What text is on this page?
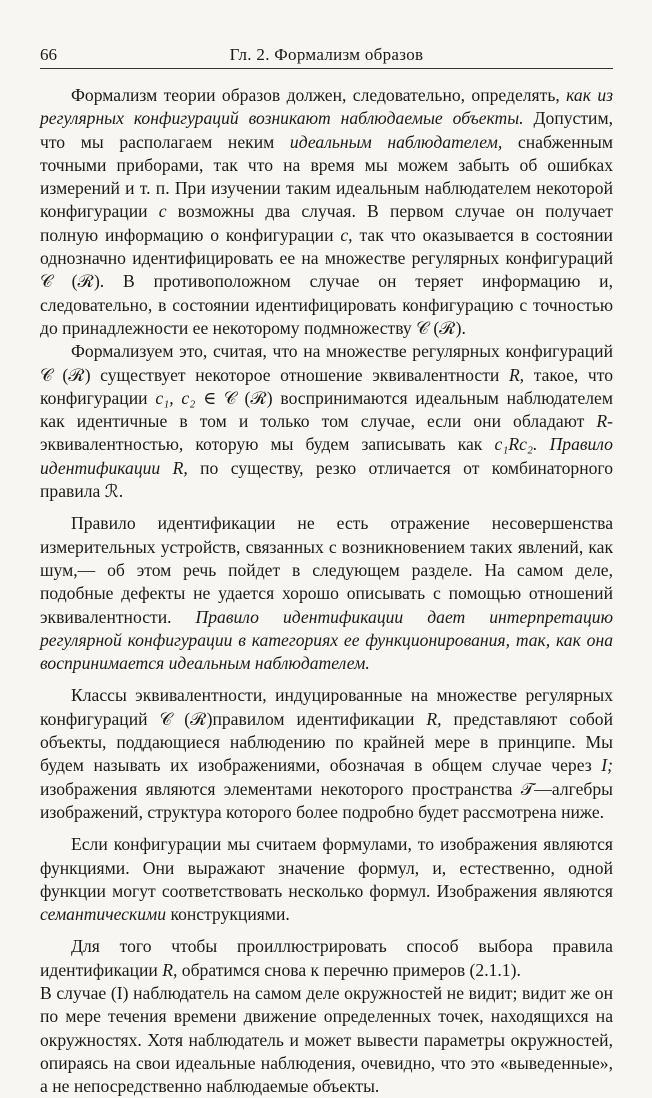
66	Гл. 2. Формализм образов

Формализм теории образов должен, следовательно, определять, как из регулярных конфигураций возникают наблюдаемые объекты. Допустим, что мы располагаем неким идеальным наблюдателем, снабженным точными приборами, так что на время мы можем забыть об ошибках измерений и т. п. При изучении таким идеальным наблюдателем некоторой конфигурации c возможны два случая. В первом случае он получает полную информацию о конфигурации c, так что оказывается в состоянии однозначно идентифицировать ее на множестве регулярных конфигураций 𝒞 (ℛ). В противоположном случае он теряет информацию и, следовательно, в состоянии идентифицировать конфигурацию с точностью до принадлежности ее некоторому подмножеству 𝒞 (ℛ).

Формализуем это, считая, что на множестве регулярных конфигураций 𝒞 (ℛ) существует некоторое отношение эквивалентности R, такое, что конфигурации c₁, c₂ ∈ 𝒞 (ℛ) воспринимаются идеальным наблюдателем как идентичные в том и только том случае, если они обладают R-эквивалентностью, которую мы будем записывать как c₁Rc₂. Правило идентификации R, по существу, резко отличается от комбинаторного правила ℛ.

Правило идентификации не есть отражение несовершенства измерительных устройств, связанных с возникновением таких явлений, как шум,— об этом речь пойдет в следующем разделе. На самом деле, подобные дефекты не удается хорошо описывать с помощью отношений эквивалентности. Правило идентификации дает интерпретацию регулярной конфигурации в категориях ее функционирования, так, как она воспринимается идеальным наблюдателем.

Классы эквивалентности, индуцированные на множестве регулярных конфигураций 𝒞 (ℛ)правилом идентификации R, представляют собой объекты, поддающиеся наблюдению по крайней мере в принципе. Мы будем называть их изображениями, обозначая в общем случае через I; изображения являются элементами некоторого пространства 𝒯—алгебры изображений, структура которого более подробно будет рассмотрена ниже.

Если конфигурации мы считаем формулами, то изображения являются функциями. Они выражают значение формул, и, естественно, одной функции могут соответствовать несколько формул. Изображения являются семантическими конструкциями.

Для того чтобы проиллюстрировать способ выбора правила идентификации R, обратимся снова к перечню примеров (2.1.1).

В случае (I) наблюдатель на самом деле окружностей не видит; видит же он по мере течения времени движение определенных точек, находящихся на окружностях. Хотя наблюдатель и может вывести параметры окружностей, опираясь на свои идеальные наблюдения, очевидно, что это «выведенные», а не непосредственно наблюдаемые объекты.
